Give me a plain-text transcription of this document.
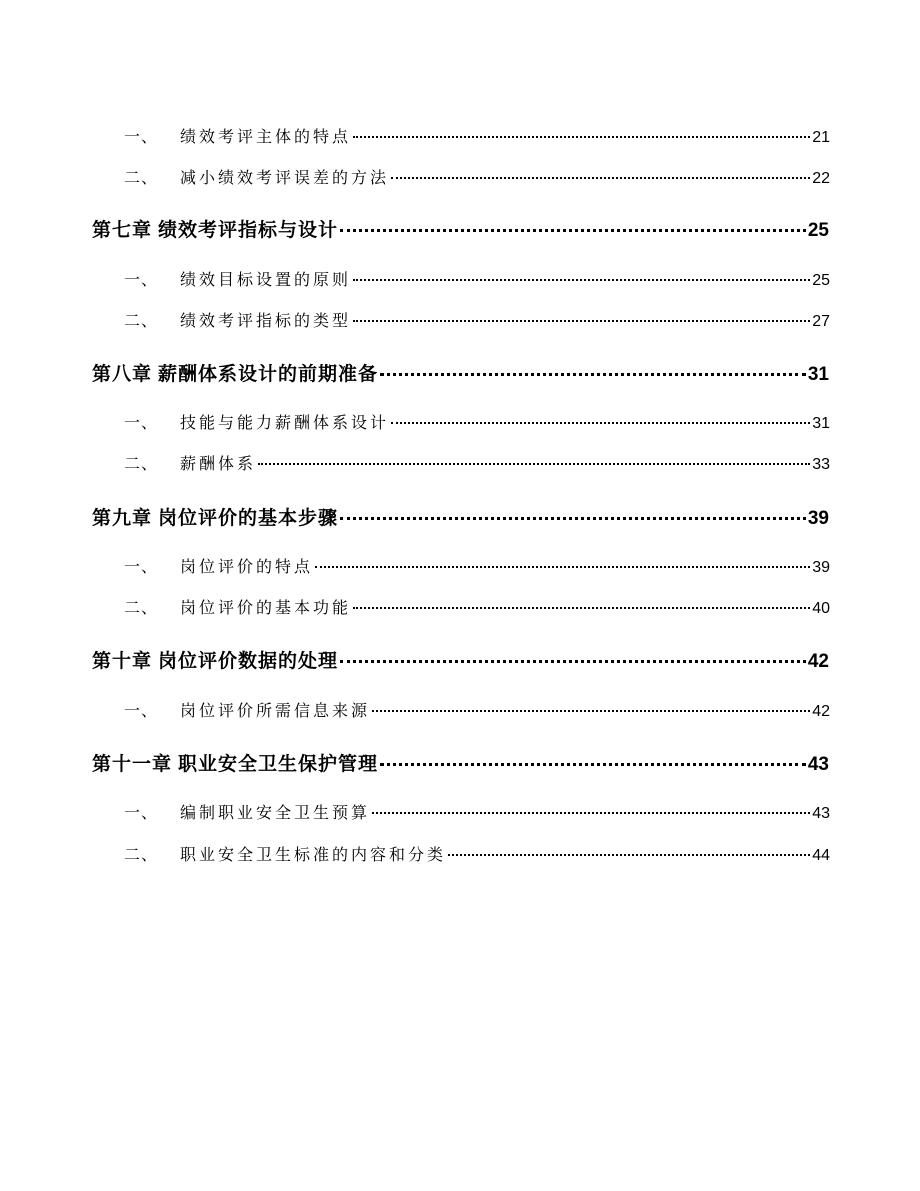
一、 绩效考评主体的特点	21
二、 减小绩效考评误差的方法	22
第七章 绩效考评指标与设计	25
一、 绩效目标设置的原则	25
二、 绩效考评指标的类型	27
第八章 薪酬体系设计的前期准备	31
一、 技能与能力薪酬体系设计	31
二、 薪酬体系	33
第九章 岗位评价的基本步骤	39
一、 岗位评价的特点	39
二、 岗位评价的基本功能	40
第十章 岗位评价数据的处理	42
一、 岗位评价所需信息来源	42
第十一章 职业安全卫生保护管理	43
一、 编制职业安全卫生预算	43
二、 职业安全卫生标准的内容和分类	44
